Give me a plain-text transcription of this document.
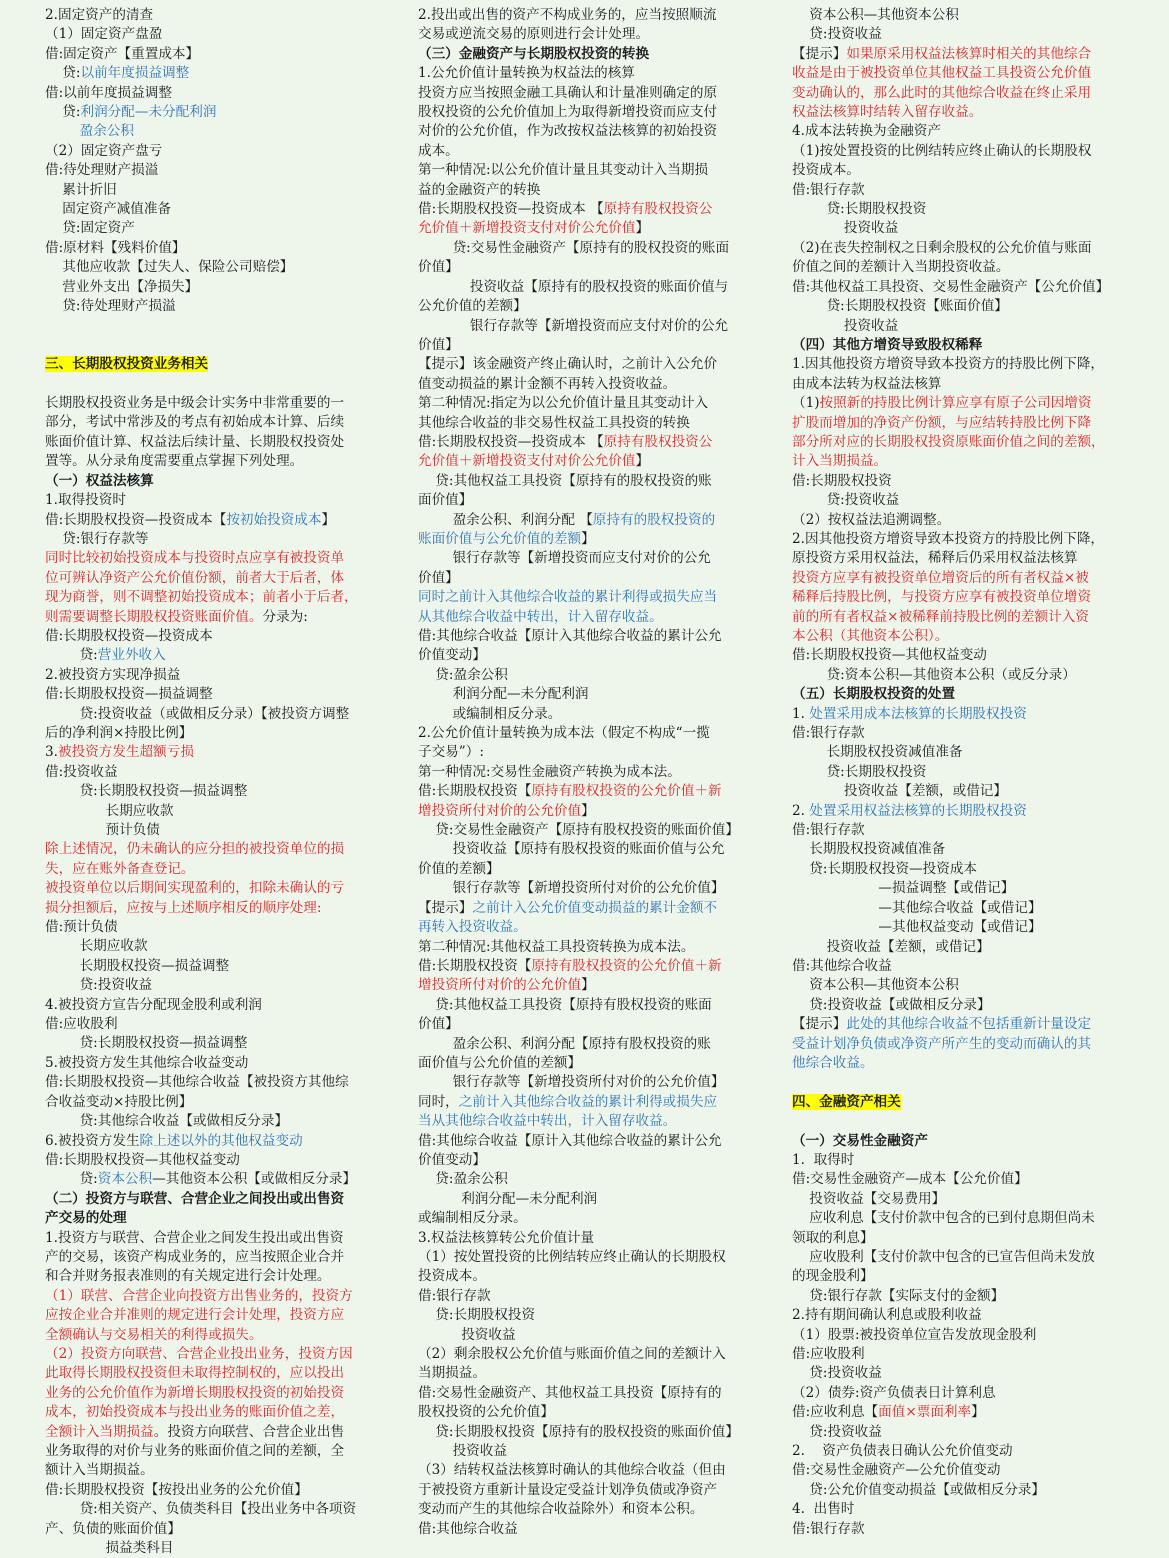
2.固定资产的清查
（1）固定资产盘盈
借:固定资产【重置成本】
贷:以前年度损益调整
借:以前年度损益调整
贷:利润分配—未分配利润
盈余公积
（2）固定资产盘亏
借:待处理财产损溢
累计折旧
固定资产减值准备
贷:固定资产
借:原材料【残料价值】
其他应收款【过失人、保险公司赔偿】
营业外支出【净损失】
贷:待处理财产损溢
三、长期股权投资业务相关
长期股权投资业务是中级会计实务中非常重要的一
部分，考试中常涉及的考点有初始成本计算、后续
账面价值计算、权益法后续计量、长期股权投资处
置等。从分录角度需要重点掌握下列处理。
（一）权益法核算
1.取得投资时
借:长期股权投资—投资成本【按初始投资成本】
贷:银行存款等
同时比较初始投资成本与投资时点应享有被投资单
位可辨认净资产公允价值份额，前者大于后者，体
现为商誉，则不调整初始投资成本；前者小于后者，
则需要调整长期股权投资账面价值。分录为:
借:长期股权投资—投资成本
贷:营业外收入
2.被投资方实现净损益
借:长期股权投资—损益调整
贷:投资收益（或做相反分录）【被投资方调整
后的净利润×持股比例】
3.被投资方发生超额亏损
借:投资收益
贷:长期股权投资—损益调整
长期应收款
预计负债
除上述情况，仍未确认的应分担的被投资单位的损
失，应在账外备查登记。
被投资单位以后期间实现盈利的，扣除未确认的亏
损分担额后，应按与上述顺序相反的顺序处理:
借:预计负债
长期应收款
长期股权投资—损益调整
贷:投资收益
4.被投资方宣告分配现金股利或利润
借:应收股利
贷:长期股权投资—损益调整
5.被投资方发生其他综合收益变动
借:长期股权投资—其他综合收益【被投资方其他综
合收益变动×持股比例】
贷:其他综合收益【或做相反分录】
6.被投资方发生除上述以外的其他权益变动
借:长期股权投资—其他权益变动
贷:资本公积—其他资本公积【或做相反分录】
（二）投资方与联营、合营企业之间投出或出售资
产交易的处理
1.投资方与联营、合营企业之间发生投出或出售资
产的交易，该资产构成业务的，应当按照企业合并
和合并财务报表准则的有关规定进行会计处理。
（1）联营、合营企业向投资方出售业务的，投资方
应按企业合并准则的规定进行会计处理，投资方应
全额确认与交易相关的利得或损失。
（2）投资方向联营、合营企业投出业务，投资方因
此取得长期股权投资但未取得控制权的，应以投出
业务的公允价值作为新增长期股权投资的初始投资
成本，初始投资成本与投出业务的账面价值之差，
全额计入当期损益。投资方向联营、合营企业出售
业务取得的对价与业务的账面价值之间的差额，全
额计入当期损益。
借:长期股权投资【按投出业务的公允价值】
贷:相关资产、负债类科目【投出业务中各项资
产、负债的账面价值】
损益类科目
2.投出或出售的资产不构成业务的，应当按照顺流
交易或逆流交易的原则进行会计处理。
（三）金融资产与长期股权投资的转换
1.公允价值计量转换为权益法的核算
投资方应当按照金融工具确认和计量准则确定的原
股权投资的公允价值加上为取得新增投资而应支付
对价的公允价值，作为改按权益法核算的初始投资
成本。
第一种情况:以公允价值计量且其变动计入当期损
益的金融资产的转换
借:长期股权投资—投资成本 【原持有股权投资公
允价值＋新增投资支付对价公允价值】
贷:交易性金融资产【原持有的股权投资的账面
价值】
投资收益【原持有的股权投资的账面价值与
公允价值的差额】
银行存款等【新增投资而应支付对价的公允
价值】
【提示】该金融资产终止确认时，之前计入公允价
值变动损益的累计金额不再转入投资收益。
第二种情况:指定为以公允价值计量且其变动计入
其他综合收益的非交易性权益工具投资的转换
借:长期股权投资—投资成本 【原持有股权投资公
允价值＋新增投资支付对价公允价值】
贷:其他权益工具投资【原持有的股权投资的账
面价值】
盈余公积、利润分配 【原持有的股权投资的
账面价值与公允价值的差额】
银行存款等【新增投资而应支付对价的公允
价值】
同时之前计入其他综合收益的累计利得或损失应当
从其他综合收益中转出，计入留存收益。
借:其他综合收益【原计入其他综合收益的累计公允
价值变动】
贷:盈余公积
利润分配—未分配利润
或编制相反分录。
2.公允价值计量转换为成本法（假定不构成“一揽
子交易”）:
第一种情况:交易性金融资产转换为成本法。
借:长期股权投资【原持有股权投资的公允价值＋新
增投资所付对价的公允价值】
贷:交易性金融资产【原持有股权投资的账面价值】
投资收益【原持有股权投资的账面价值与公允
价值的差额】
银行存款等【新增投资所付对价的公允价值】
【提示】之前计入公允价值变动损益的累计金额不
再转入投资收益。
第二种情况:其他权益工具投资转换为成本法。
借:长期股权投资【原持有股权投资的公允价值＋新
增投资所付对价的公允价值】
贷:其他权益工具投资【原持有股权投资的账面
价值】
盈余公积、利润分配【原持有股权投资的账
面价值与公允价值的差额】
银行存款等【新增投资所付对价的公允价值】
同时，之前计入其他综合收益的累计利得或损失应
当从其他综合收益中转出，计入留存收益。
借:其他综合收益【原计入其他综合收益的累计公允
价值变动】
贷:盈余公积
利润分配—未分配利润
或编制相反分录。
3.权益法核算转公允价值计量
（1）按处置投资的比例结转应终止确认的长期股权
投资成本。
借:银行存款
贷:长期股权投资
投资收益
（2）剩余股权公允价值与账面价值之间的差额计入
当期损益。
借:交易性金融资产、其他权益工具投资【原持有的
股权投资的公允价值】
贷:长期股权投资【原持有的股权投资的账面价值】
投资收益
（3）结转权益法核算时确认的其他综合收益（但由
于被投资方重新计量设定受益计划净负债或净资产
变动而产生的其他综合收益除外）和资本公积。
借:其他综合收益
资本公积—其他资本公积
贷:投资收益
【提示】如果原采用权益法核算时相关的其他综合
收益是由于被投资单位其他权益工具投资公允价值
变动确认的，那么此时的其他综合收益在终止采用
权益法核算时结转入留存收益。
4.成本法转换为金融资产
（1)按处置投资的比例结转应终止确认的长期股权
投资成本。
借:银行存款
贷:长期股权投资
投资收益
（2)在丧失控制权之日剩余股权的公允价值与账面
价值之间的差额计入当期投资收益。
借:其他权益工具投资、交易性金融资产【公允价值】
贷:长期股权投资【账面价值】
投资收益
（四）其他方增资导致股权稀释
1.因其他投资方增资导致本投资方的持股比例下降，
由成本法转为权益法核算
（1)按照新的持股比例计算应享有原子公司因增资
扩股而增加的净资产份额，与应结转持股比例下降
部分所对应的长期股权投资原账面价值之间的差额，
计入当期损益。
借:长期股权投资
贷:投资收益
（2）按权益法追溯调整。
2.因其他投资方增资导致本投资方的持股比例下降，
原投资方采用权益法，稀释后仍采用权益法核算
投资方应享有被投资单位增资后的所有者权益×被
稀释后持股比例，与投资方应享有被投资单位增资
前的所有者权益×被稀释前持股比例的差额计入资
本公积（其他资本公积）。
借:长期股权投资—其他权益变动
贷:资本公积—其他资本公积（或反分录）
（五）长期股权投资的处置
1. 处置采用成本法核算的长期股权投资
借:银行存款
长期股权投资减值准备
贷:长期股权投资
投资收益【差额，或借记】
2. 处置采用权益法核算的长期股权投资
借:银行存款
长期股权投资减值准备
贷:长期股权投资—投资成本
—损益调整【或借记】
—其他综合收益【或借记】
—其他权益变动【或借记】
投资收益【差额，或借记】
借:其他综合收益
资本公积—其他资本公积
贷:投资收益【或做相反分录】
【提示】此处的其他综合收益不包括重新计量设定
受益计划净负债或净资产所产生的变动而确认的其
他综合收益。
四、金融资产相关
（一）交易性金融资产
1.  取得时
借:交易性金融资产—成本【公允价值】
投资收益【交易费用】
应收利息【支付价款中包含的已到付息期但尚未
领取的利息】
应收股利【支付价款中包含的已宣告但尚未发放
的现金股利】
贷:银行存款【实际支付的金额】
2.持有期间确认利息或股利收益
（1）股票:被投资单位宣告发放现金股利
借:应收股利
贷:投资收益
（2）债券:资产负债表日计算利息
借:应收利息【面值×票面利率】
贷:投资收益
2.    资产负债表日确认公允价值变动
借:交易性金融资产—公允价值变动
贷:公允价值变动损益【或做相反分录】
4.  出售时
借:银行存款
